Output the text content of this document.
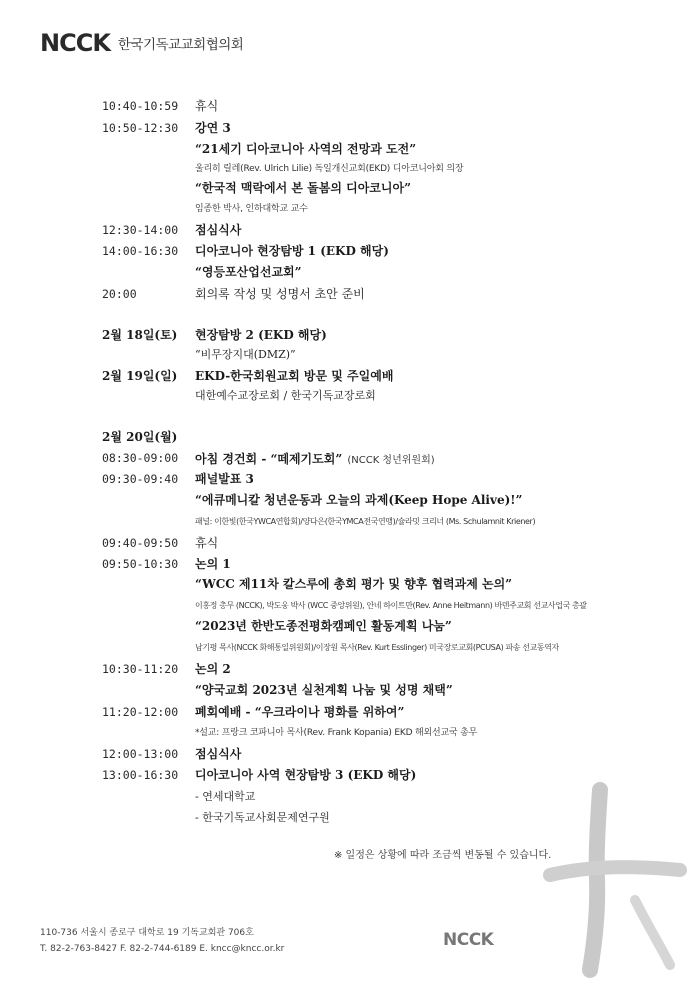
NCCK 한국기독교교회협의회
10:40-10:59 휴식
10:50-12:30 강연 3
“21세기 디아코니아 사역의 전망과 도전”
울리히 릴레(Rev. Ulrich Lilie) 독일개신교회(EKD) 디아코니아회 의장
“한국적 맥락에서 본 돌봄의 디아코니아”
임종한 박사, 인하대학교 교수
12:30-14:00 점심식사
14:00-16:30 디아코니아 현장탐방 1 (EKD 해당)
“영등포산업선교회”
20:00	회의록 작성 및 성명서 초안 준비
2월 18일(토) 현장탐방 2 (EKD 해당)
“비무장지대(DMZ)”
2월 19일(일) EKD-한국회원교회 방문 및 주일예배
대한예수교장로회 / 한국기독교장로회
2월 20일(월)
08:30-09:00 아침 경건회 - “떼제기도회” (NCCK 청년위원회)
09:30-09:40 패널발표 3
“에큐메니칼 청년운동과 오늘의 과제(Keep Hope Alive)!”
패널: 이한빛(한국YWCA연합회)/양다은(한국YMCA전국연맹)/슐라밋 크리너 (Ms. Schulamnit Kriener)
09:40-09:50 휴식
09:50-10:30 논의 1
“WCC 제11차 칼스루에 총회 평가 및 향후 협력과제 논의”
이홍정 총무 (NCCK), 박도웅 박사 (WCC 중앙위원), 안네 하이트만(Rev. Anne Heitmann) 바덴주교회 선교사업국 총괄
“2023년 한반도종전평화캠페인 활동계획 나눔”
남기평 목사(NCCK 화해통일위원회)/이장원 목사(Rev. Kurt Esslinger) 미국장로교회(PCUSA) 파송 선교동역자
10:30-11:20 논의 2
“양국교회 2023년 실천계획 나눔 및 성명 채택”
11:20-12:00 폐회예배 - “우크라이나 평화를 위하여”
*설교: 프랑크 코파니아 목사(Rev. Frank Kopania) EKD 해외선교국 총무
12:00-13:00 점심식사
13:00-16:30 디아코니아 사역 현장탐방 3 (EKD 해당)
- 연세대학교
- 한국기독교사회문제연구원
※ 일정은 상황에 따라 조금씩 변동될 수 있습니다.
110-736 서울시 종로구 대학로 19 기독교회관 706호
T. 82-2-763-8427 F. 82-2-744-6189 E. kncc@kncc.or.kr	NCCK
